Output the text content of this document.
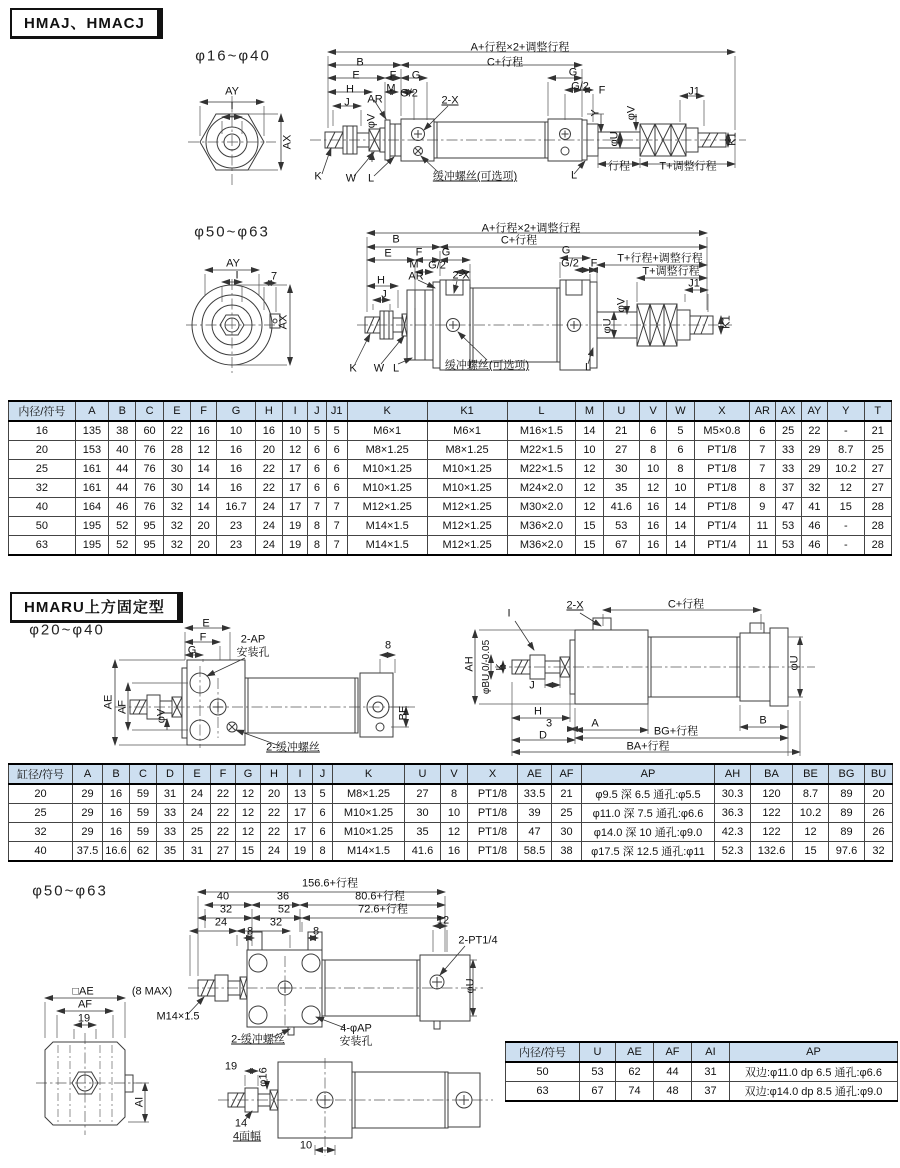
HMAJ、HMACJ
φ16~φ40
AY
I
AX
A+行程×2+调整行程
B	C+行程
E	F G
H	M G/2
AR
J	2-X
G
G/2 F	J1
Y
φV
φV
φU	K1
行程	T+调整行程
K W L	L
缓冲螺丝(可选项)
φ50~φ63
AY
I	7
AX
A+行程×2+调整行程
B	C+行程
E F
M
G
G/2
AR	2-X
H
J
G
G/2 F T+行程+调整行程
T+调整行程
J1
φV
φU	K1
K W L	L
缓冲螺丝(可选项)
内径/符号	A	B	C	E	F	G	H	I	J	J1	K	K1	L	M	U	V	W	X	AR	AX	AY	Y	T
16	135	38	60	22	16	10	16	10	5	5	M6×1	M6×1	M16×1.5	14	21	6	5	M5×0.8	6	25	22	-	21
20	153	40	76	28	12	16	20	12	6	6	M8×1.25	M8×1.25	M22×1.5	10	27	8	6	PT1/8	7	33	29	8.7	25
25	161	44	76	30	14	16	22	17	6	6	M10×1.25	M10×1.25	M22×1.5	12	30	10	8	PT1/8	7	33	29	10.2	27
32	161	44	76	30	14	16	22	17	6	6	M10×1.25	M10×1.25	M24×2.0	12	35	12	10	PT1/8	8	37	32	12	27
40	164	46	76	32	14	16.7	24	17	7	7	M12×1.25	M12×1.25	M30×2.0	12	41.6	16	14	PT1/8	9	47	41	15	28
50	195	52	95	32	20	23	24	19	8	7	M14×1.5	M12×1.25	M36×2.0	15	53	16	14	PT1/4	11	53	46	-	28
63	195	52	95	32	20	23	24	19	8	7	M14×1.5	M12×1.25	M36×2.0	15	67	16	14	PT1/4	11	53	46	-	28
HMARU上方固定型
φ20~φ40	E
F
G
2-AP
安装孔
8
AE AF
φV	BE
2-缓冲螺丝
I
2-X	C+行程
AH φBU 0/-0.05 K
J
H
3
D
A	B
BG+行程
BA+行程
φU
缸径/符号	A	B	C	D	E	F	G	H	I	J	K	U	V	X	AE	AF	AP	AH	BA	BE	BG	BU
20	29	16	59	31	24	22	12	20	13	5	M8×1.25	27	8	PT1/8	33.5	21	φ9.5 深 6.5 通孔:φ5.5	30.3	120	8.7	89	20
25	29	16	59	33	24	22	12	22	17	6	M10×1.25	30	10	PT1/8	39	25	φ11.0 深 7.5 通孔:φ6.6	36.3	122	10.2	89	26
32	29	16	59	33	25	22	12	22	17	6	M10×1.25	35	12	PT1/8	47	30	φ14.0 深 10 通孔:φ9.0	42.3	122	12	89	26
40	37.5	16.6	62	35	31	27	15	24	19	8	M14×1.5	41.6	16	PT1/8	58.5	38	φ17.5 深 12.5 通孔:φ11	52.3	132.6	15	97.6	32
φ50~φ63	156.6+行程
40	36	80.6+行程
32	52	72.6+行程
24	32
8	8
12
2-PT1/4
M14×1.5
2-缓冲螺丝
4-φAP
安装孔
φU
□AE	(8 MAX)
AF
19
AI
19
φ16
14
4面幅
10
内径/符号	U	AE	AF	AI	AP
50	53	62	44	31	双边:φ11.0 dp 6.5 通孔:φ6.6
63	67	74	48	37	双边:φ14.0 dp 8.5 通孔:φ9.0
